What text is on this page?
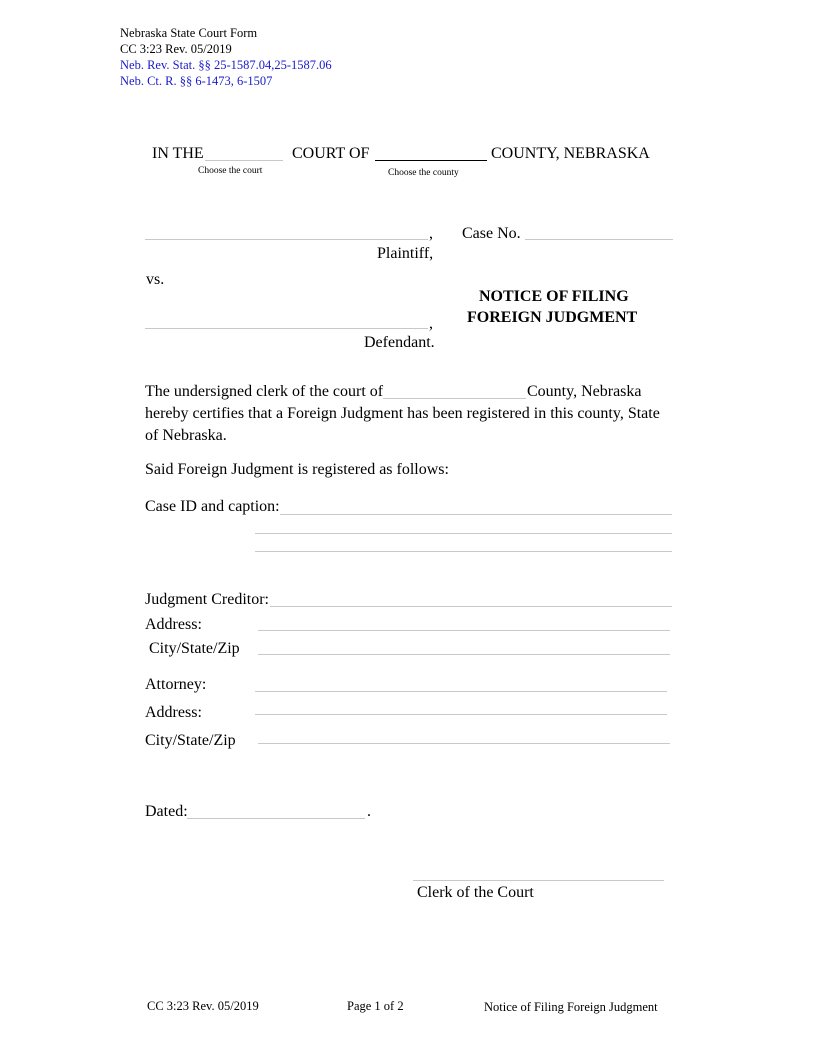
Nebraska State Court Form
CC 3:23 Rev. 05/2019
Neb. Rev. Stat. §§ 25-1587.04,25-1587.06
Neb. Ct. R. §§ 6-1473, 6-1507
IN THE	COURT OF	COUNTY, NEBRASKA
Choose the court	Choose the county
,
Plaintiff,
Case No.
vs.
NOTICE OF FILING
FOREIGN JUDGMENT
,
Defendant.
The undersigned clerk of the court of	County, Nebraska
hereby certifies that a Foreign Judgment has been registered in this county, State
of Nebraska.
Said Foreign Judgment is registered as follows:
Case ID and caption:
Judgment Creditor:
Address:
City/State/Zip
Attorney:
Address:
City/State/Zip
Dated:	.
Clerk of the Court
CC 3:23 Rev. 05/2019	Page 1 of 2	Notice of Filing Foreign Judgment
